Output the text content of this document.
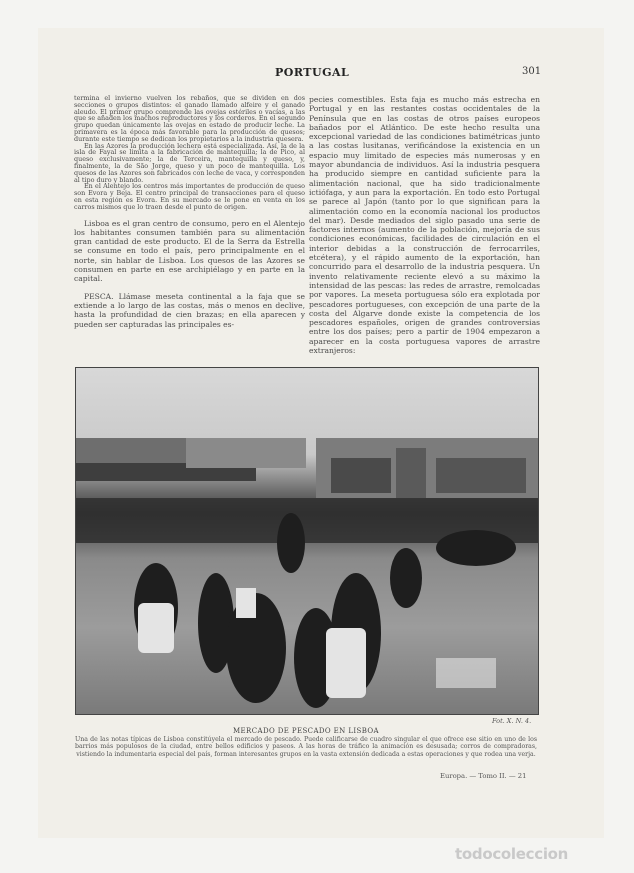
PORTUGAL	301

termina el invierno vuelven los rebaños, que se dividen en dos secciones o grupos distintos: el ganado llamado alfeire y el ganado aleudo. El primer grupo comprende las ovejas estériles o vacías, a las que se añaden los machos reproductores y los corderos. En el segundo grupo quedan únicamente las ovejas en estado de producir leche. La primavera es la época más favorable para la producción de quesos; durante este tiempo se dedican los propietarios a la industria quesera.

En las Azores la producción lechera está especializada. Así, la de la isla de Fayal se limita a la fabricación de mantequilla; la de Pico, al queso exclusivamente; la de Terceira, mantequilla y queso, y, finalmente, la de São Jorge, queso y un poco de mantequilla. Los quesos de las Azores son fabricados con leche de vaca, y corresponden al tipo duro y blando.

En el Alentejo los centros más importantes de producción de queso son Evora y Beja. El centro principal de transacciones para el queso en esta región es Evora. En su mercado se le pone en venta en los carros mismos que lo traen desde el punto de origen.

Lisboa es el gran centro de consumo, pero en el Alentejo los habitantes consumen también para su alimentación gran cantidad de este producto. El de la Serra da Estrella se consume en todo el país, pero principalmente en el norte, sin hablar de Lisboa. Los quesos de las Azores se consumen en parte en ese archipiélago y en parte en la capital.

PESCA. Llámase meseta continental a la faja que se extiende a lo largo de las costas, más o menos en declive, hasta la profundidad de cien brazas; en ella aparecen y pueden ser capturadas las principales es-

pecies comestibles. Esta faja es mucho más estrecha en Portugal y en las restantes costas occidentales de la Península que en las costas de otros países europeos bañados por el Atlántico. De este hecho resulta una excepcional variedad de las condiciones batimétricas junto a las costas lusitanas, verificándose la existencia en un espacio muy limitado de especies más numerosas y en mayor abundancia de individuos. Así la industria pesquera ha producido siempre en cantidad suficiente para la alimentación nacional, que ha sido tradicionalmente ictiófaga, y aun para la exportación. En todo esto Portugal se parece al Japón (tanto por lo que significan para la alimentación como en la economía nacional los productos del mar). Desde mediados del siglo pasado una serie de factores internos (aumento de la población, mejoría de sus condiciones económicas, facilidades de circulación en el interior debidas a la construcción de ferrocarriles, etcétera), y el rápido aumento de la exportación, han concurrido para el desarrollo de la industria pesquera. Un invento relativamente reciente elevó a su máximo la intensidad de las pescas: las redes de arrastre, remolcadas por vapores. La meseta portuguesa sólo era explotada por pescadores portugueses, con excepción de una parte de la costa del Algarve donde existe la competencia de los pescadores españoles, origen de grandes controversias entre los dos países; pero a partir de 1904 empezaron a aparecer en la costa portuguesa vapores de arrastre extranjeros:

Fot. X. N. 4.
MERCADO DE PESCADO EN LISBOA
Una de las notas típicas de Lisboa constitúyela el mercado de pescado. Puede calificarse de cuadro singular el que ofrece ese sitio en uno de los barrios más populosos de la ciudad, entre bellos edificios y paseos. A las horas de tráfico la animación es desusada; corros de compradoras, vistiendo la indumentaria especial del país, forman interesantes grupos en la vasta extensión dedicada a estas operaciones y que rodea una verja.
Europa. — Tomo II. — 21
todocoleccion
